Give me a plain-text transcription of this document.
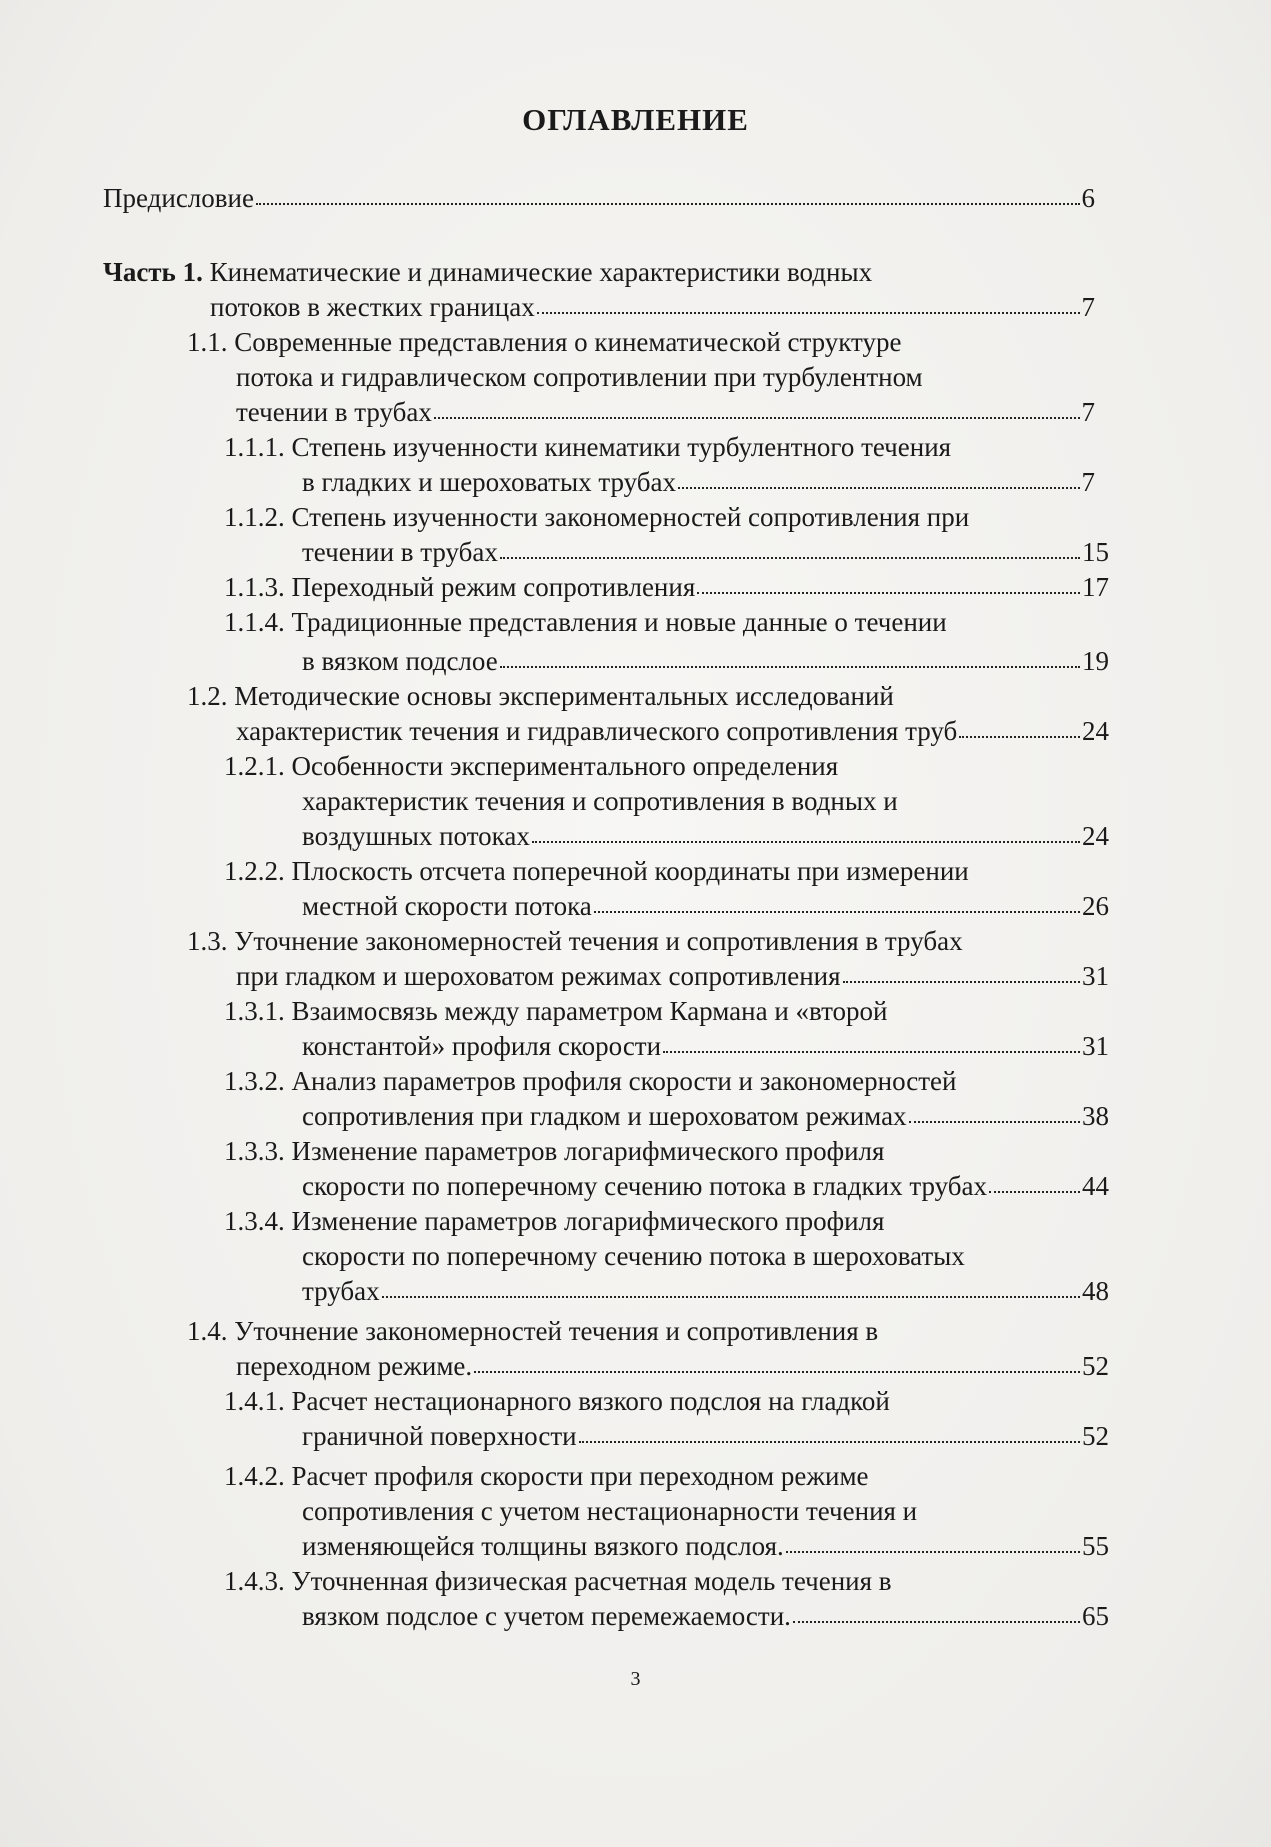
ОГЛАВЛЕНИЕ
Предисловие	6
Часть 1.
Кинематические и динамические характеристики водных
потоков в жестких границах	7
1.1. Современные представления о кинематической структуре
потока и гидравлическом сопротивлении при турбулентном
течении в трубах	7
1.1.1. Степень изученности кинематики турбулентного течения
в гладких и шероховатых трубах	7
1.1.2. Степень изученности закономерностей сопротивления при
течении в трубах	15
1.1.3. Переходный режим сопротивления	17
1.1.4. Традиционные представления и новые данные о течении
в вязком подслое	19
1.2. Методические основы экспериментальных исследований
характеристик течения и гидравлического сопротивления труб	24
1.2.1. Особенности экспериментального определения
характеристик течения и сопротивления в водных и
воздушных потоках	24
1.2.2. Плоскость отсчета поперечной координаты при измерении
местной скорости потока	26
1.3. Уточнение закономерностей течения и сопротивления в трубах
при гладком и шероховатом режимах сопротивления	31
1.3.1. Взаимосвязь между параметром Кармана и «второй
константой» профиля скорости	31
1.3.2. Анализ параметров профиля скорости и закономерностей
сопротивления при гладком и шероховатом режимах	38
1.3.3. Изменение параметров логарифмического профиля
скорости по поперечному сечению потока в гладких трубах	44
1.3.4. Изменение параметров логарифмического профиля
скорости по поперечному сечению потока в шероховатых
трубах	48
1.4. Уточнение закономерностей течения и сопротивления в
переходном режиме.	52
1.4.1. Расчет нестационарного вязкого подслоя на гладкой
граничной поверхности	52
1.4.2. Расчет профиля скорости при переходном режиме
сопротивления с учетом нестационарности течения и
изменяющейся толщины вязкого подслоя.	55
1.4.3. Уточненная физическая расчетная модель течения в
вязком подслое с учетом перемежаемости.	65
3
